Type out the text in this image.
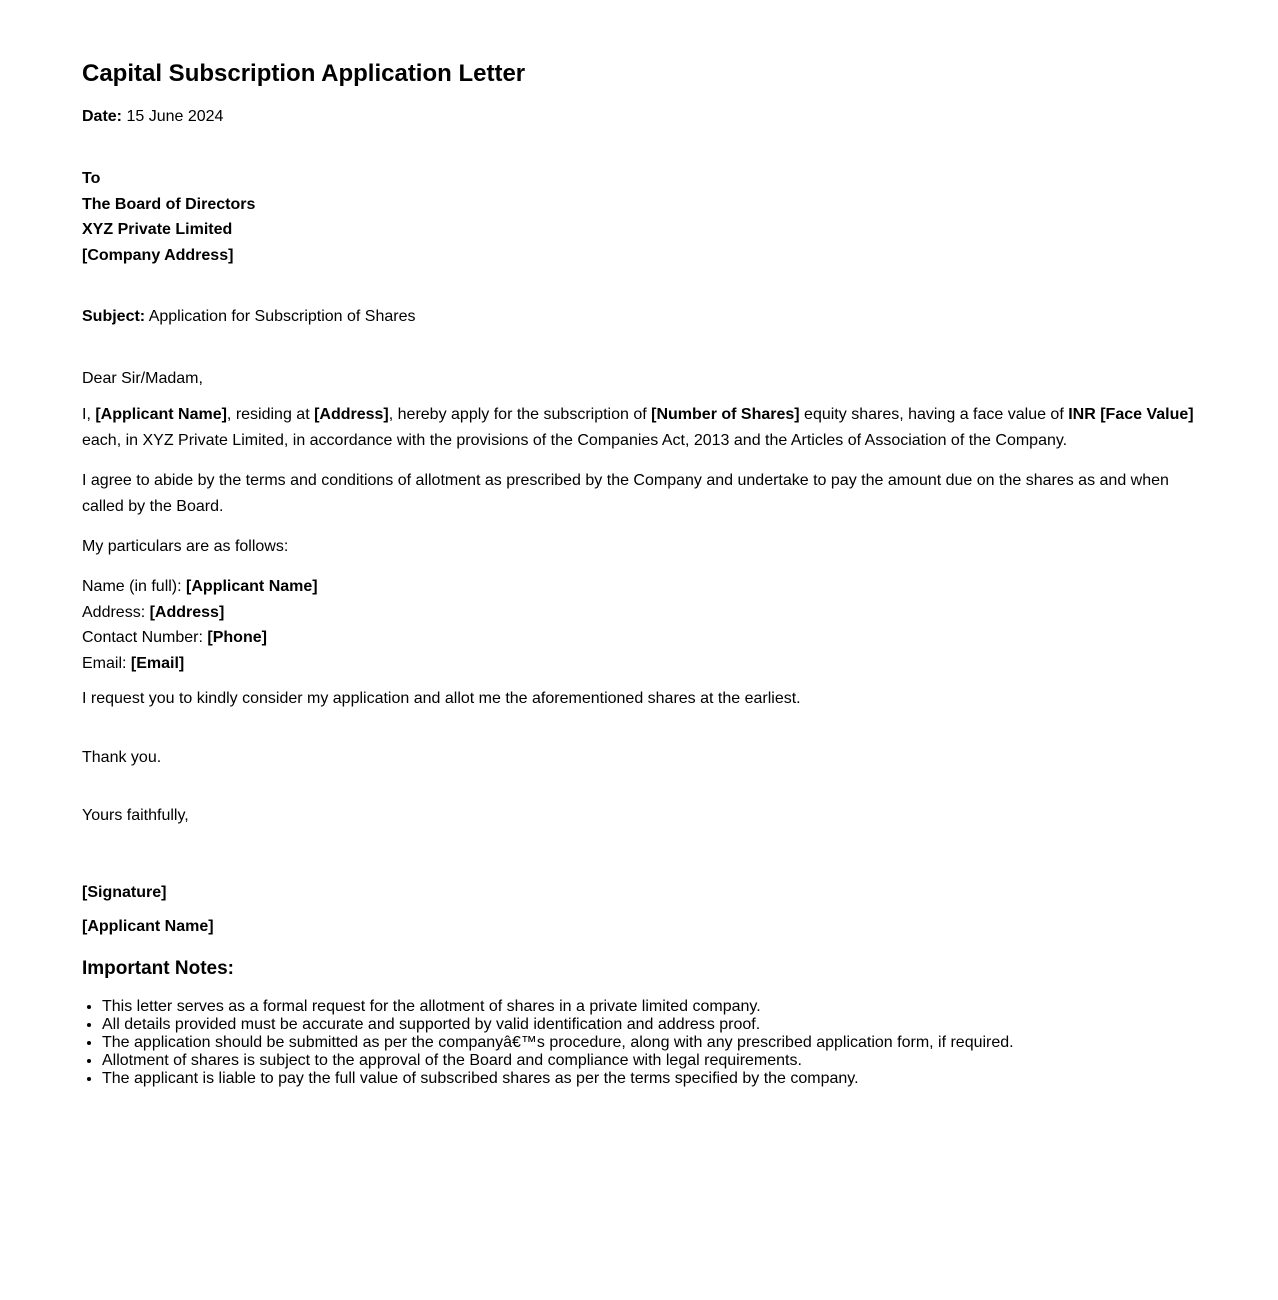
Capital Subscription Application Letter
Date: 15 June 2024
To
The Board of Directors
XYZ Private Limited
[Company Address]
Subject: Application for Subscription of Shares
Dear Sir/Madam,

I, [Applicant Name], residing at [Address], hereby apply for the subscription of [Number of Shares] equity shares, having a face value of INR [Face Value] each, in XYZ Private Limited, in accordance with the provisions of the Companies Act, 2013 and the Articles of Association of the Company.

I agree to abide by the terms and conditions of allotment as prescribed by the Company and undertake to pay the amount due on the shares as and when called by the Board.

My particulars are as follows:

Name (in full): [Applicant Name]
Address: [Address]
Contact Number: [Phone]
Email: [Email]
I request you to kindly consider my application and allot me the aforementioned shares at the earliest.
Thank you.
Yours faithfully,
[Signature]
[Applicant Name]
Important Notes:
• This letter serves as a formal request for the allotment of shares in a private limited company.
• All details provided must be accurate and supported by valid identification and address proof.
• The application should be submitted as per the companyâ€™s procedure, along with any prescribed application form, if required.
• Allotment of shares is subject to the approval of the Board and compliance with legal requirements.
• The applicant is liable to pay the full value of subscribed shares as per the terms specified by the company.
